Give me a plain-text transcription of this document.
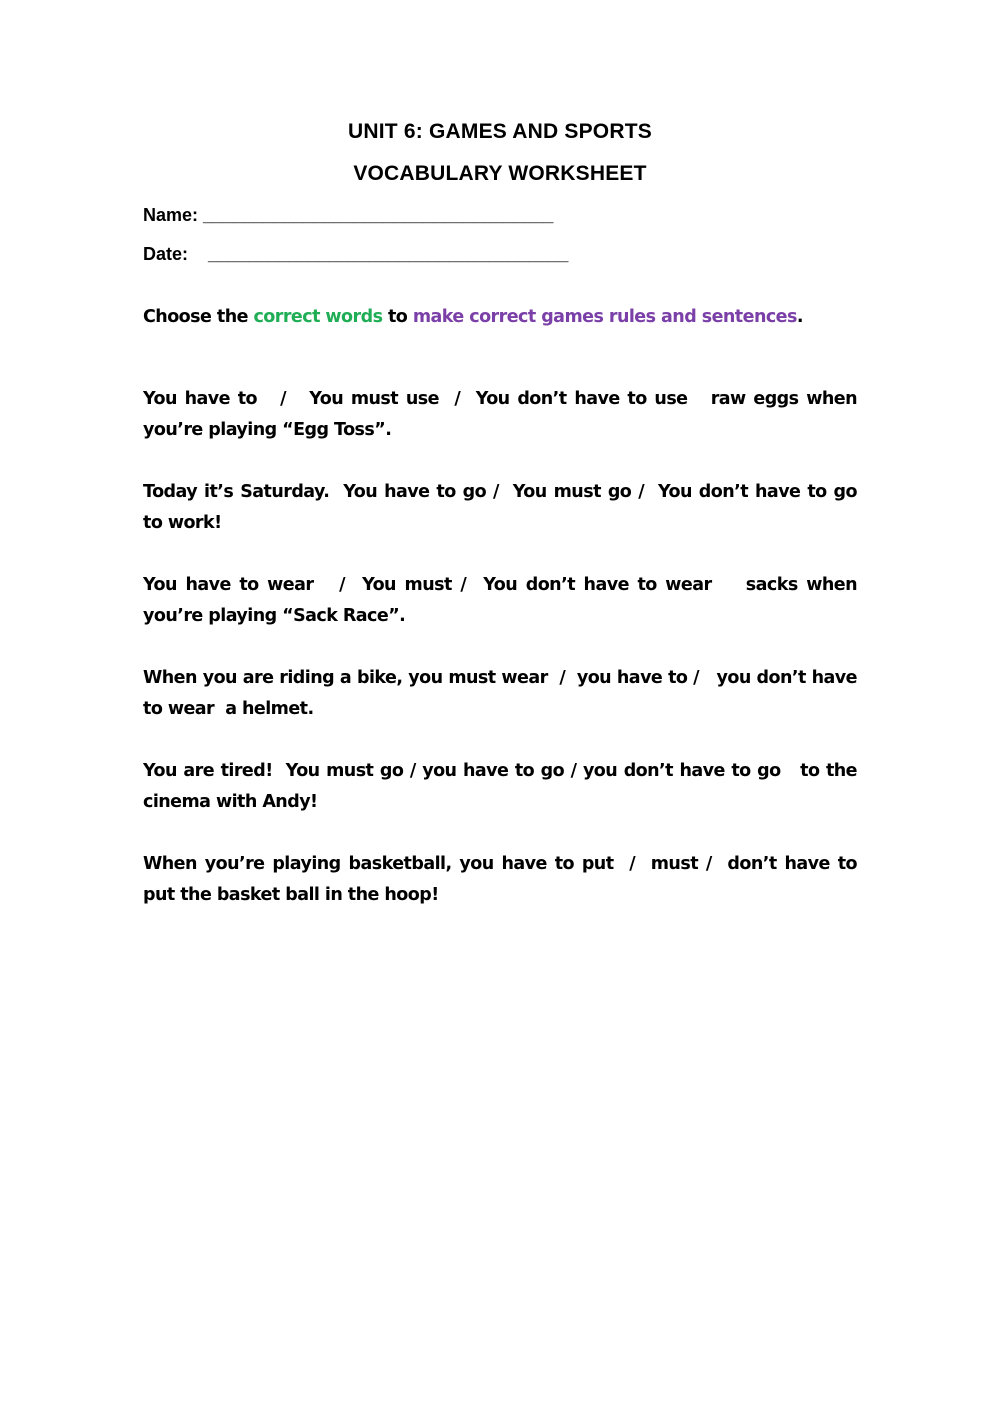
UNIT 6: GAMES AND SPORTS
VOCABULARY WORKSHEET
Name: ___________________________________
Date: ____________________________________
Choose the correct words to make correct games rules and sentences.
You have to   /   You must use  /  You don’t have to use   raw eggs when you’re playing “Egg Toss”.
Today it’s Saturday.  You have to go /  You must go /  You don’t have to go  to work!
You have to wear   /  You must /  You don’t have to wear    sacks when you’re playing “Sack Race”.
When you are riding a bike, you must wear  /  you have to /   you don’t have to wear  a helmet.
You are tired!  You must go / you have to go / you don’t have to go   to the cinema with Andy!
When you’re playing basketball, you have to put  /  must /  don’t have to put the basket ball in the hoop!
